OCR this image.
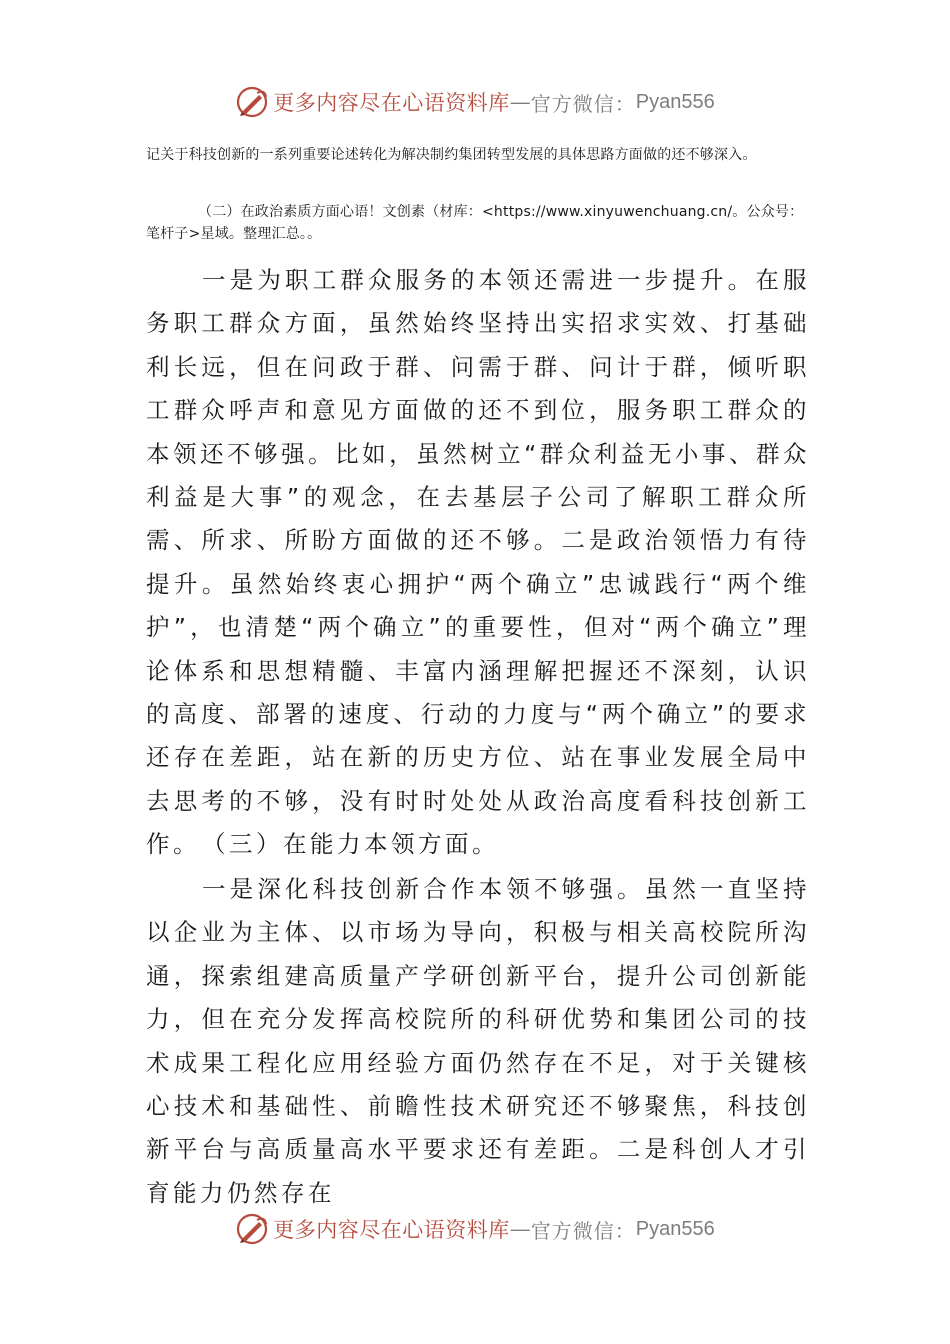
更多内容尽在心语资料库 — 官方微信： Pyan556
记关于科技创新的一系列重要论述转化为解决制约集团转型发展的具体思路方面做的还不够深入。
（二）在政治素质方面心语！文创素（材库：<https://www.xinyuwenchuang.cn/。公众号：笔杆子>星域。整理汇总。。
一是为职工群众服务的本领还需进一步提升。在服务职工群众方面，虽然始终坚持出实招求实效、打基础利长远，但在问政于群、问需于群、问计于群，倾听职工群众呼声和意见方面做的还不到位，服务职工群众的本领还不够强。比如，虽然树立“群众利益无小事、群众利益是大事”的观念，在去基层子公司了解职工群众所需、所求、所盼方面做的还不够。二是政治领悟力有待提升。虽然始终衷心拥护“两个确立”忠诚践行“两个维护”，也清楚“两个确立”的重要性，但对“两个确立”理论体系和思想精髓、丰富内涵理解把握还不深刻，认识的高度、部署的速度、行动的力度与“两个确立”的要求还存在差距，站在新的历史方位、站在事业发展全局中去思考的不够，没有时时处处从政治高度看科技创新工作。 （三）在能力本领方面。
一是深化科技创新合作本领不够强。虽然一直坚持以企业为主体、以市场为导向，积极与相关高校院所沟通，探索组建高质量产学研创新平台，提升公司创新能力，但在充分发挥高校院所的科研优势和集团公司的技术成果工程化应用经验方面仍然存在不足，对于关键核心技术和基础性、前瞻性技术研究还不够聚焦，科技创新平台与高质量高水平要求还有差距。二是科创人才引育能力仍然存在
更多内容尽在心语资料库 — 官方微信： Pyan556
